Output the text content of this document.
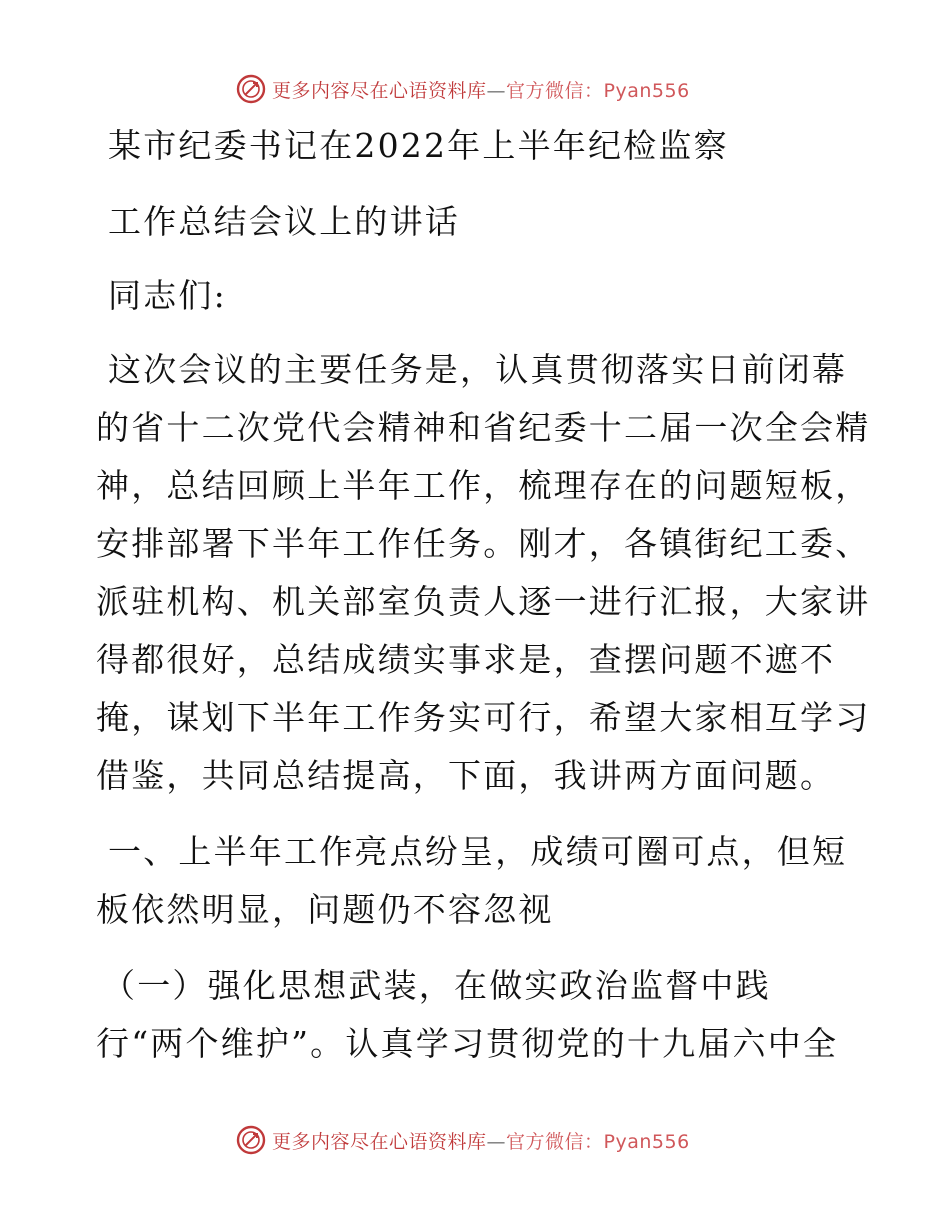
更多内容尽在心语资料库—官方微信：Pyan556
某市纪委书记在2022年上半年纪检监察
工作总结会议上的讲话
同志们:
这次会议的主要任务是，认真贯彻落实日前闭幕
的省十二次党代会精神和省纪委十二届一次全会精
神，总结回顾上半年工作，梳理存在的问题短板，
安排部署下半年工作任务。刚才，各镇街纪工委、
派驻机构、机关部室负责人逐一进行汇报，大家讲
得都很好，总结成绩实事求是，查摆问题不遮不
掩，谋划下半年工作务实可行，希望大家相互学习
借鉴，共同总结提高，下面，我讲两方面问题。
一、上半年工作亮点纷呈，成绩可圈可点，但短
板依然明显，问题仍不容忽视
（一）强化思想武装，在做实政治监督中践
行“两个维护”。认真学习贯彻党的十九届六中全
更多内容尽在心语资料库—官方微信：Pyan556
